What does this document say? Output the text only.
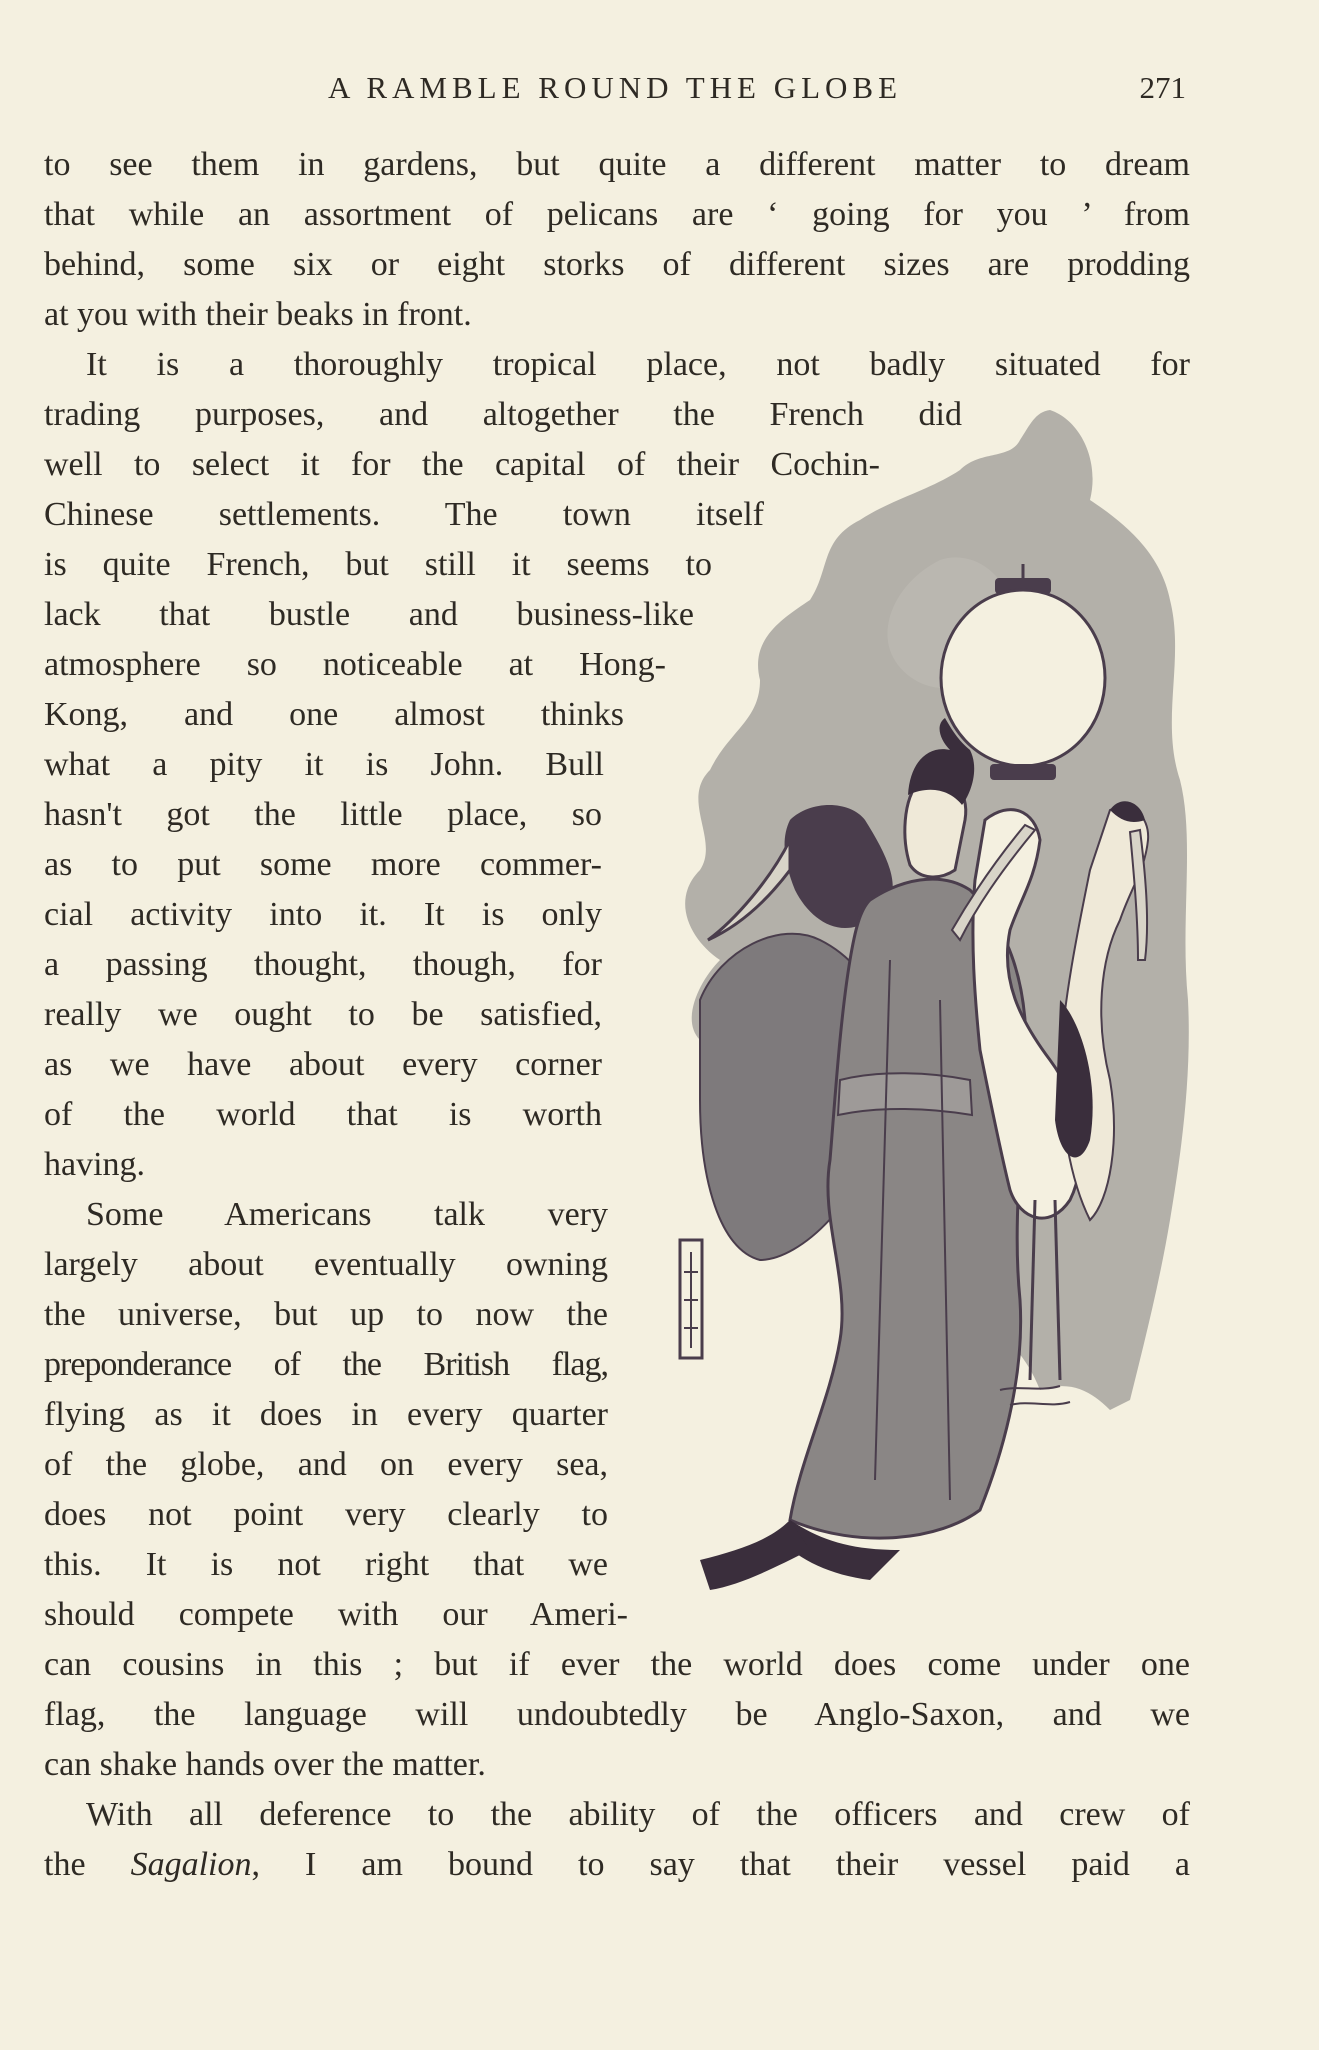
A RAMBLE ROUND THE GLOBE	271
to see them in gardens, but quite a different matter to dream
that while an assortment of pelicans are ‘ going for you ’ from
behind, some six or eight storks of different sizes are prodding
at you with their beaks in front.
It is a thoroughly tropical place, not badly situated for
trading purposes, and altogether the French did
well to select it for the capital of their Cochin-
Chinese settlements. The town itself
is quite French, but still it seems to
lack that bustle and business-like
atmosphere so noticeable at Hong-
Kong, and one almost thinks
what a pity it is John. Bull
hasn't got the little place, so
as to put some more commer-
cial activity into it. It is only
a passing thought, though, for
really we ought to be satisfied,
as we have about every corner
of the world that is worth
having.
Some Americans talk very
largely about eventually owning
the universe, but up to now the
preponderance of the British flag,
flying as it does in every quarter
of the globe, and on every sea,
does not point very clearly to
this. It is not right that we
should compete with our Ameri-
can cousins in this ; but if ever the world does come under one
flag, the language will undoubtedly be Anglo-Saxon, and we
can shake hands over the matter.
With all deference to the ability of the officers and crew of
the Sagalion, I am bound to say that their vessel paid a
